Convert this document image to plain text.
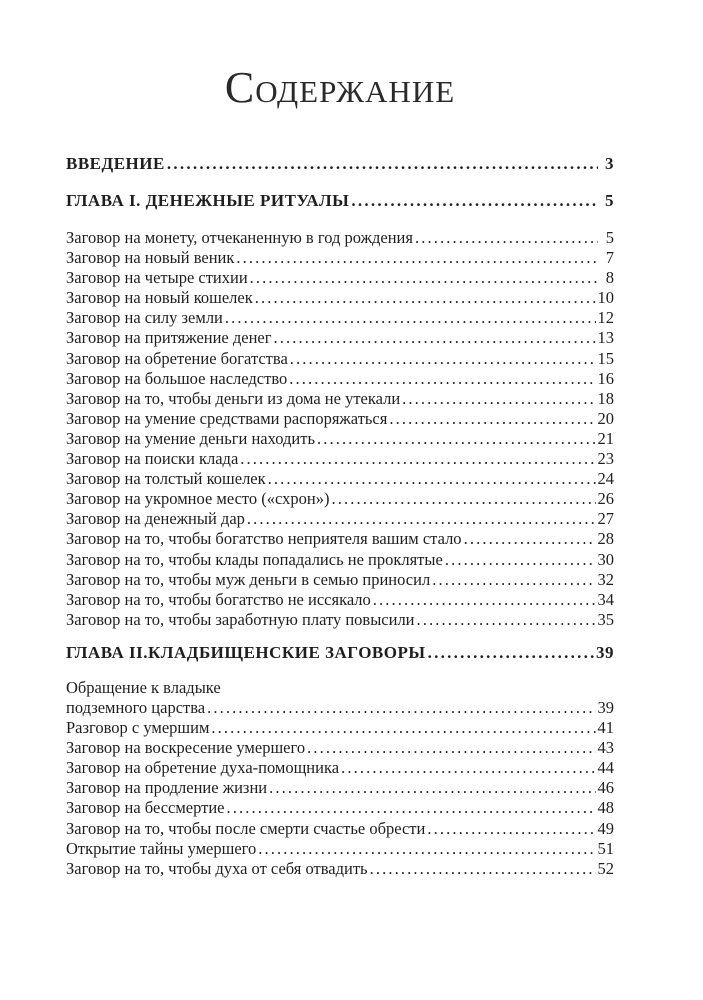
Содержание
ВВЕДЕНИЕ . . .	3
ГЛАВА I. ДЕНЕЖНЫЕ РИТУАЛЫ . . .	5
Заговор на монету, отчеканенную в год рождения . . .	5
Заговор на новый веник . . .	7
Заговор на четыре стихии . . .	8
Заговор на новый кошелек . . .	10
Заговор на силу земли . . .	12
Заговор на притяжение денег . . .	13
Заговор на обретение богатства . . .	15
Заговор на большое наследство . . .	16
Заговор на то, чтобы деньги из дома не утекали . . .	18
Заговор на умение средствами распоряжаться . . .	20
Заговор на умение деньги находить . . .	21
Заговор на поиски клада . . .	23
Заговор на толстый кошелек . . .	24
Заговор на укромное место («схрон») . . .	26
Заговор на денежный дар . . .	27
Заговор на то, чтобы богатство неприятеля вашим стало . . .	28
Заговор на то, чтобы клады попадались не проклятые . . .	30
Заговор на то, чтобы муж деньги в семью приносил . . .	32
Заговор на то, чтобы богатство не иссякало . . .	34
Заговор на то, чтобы заработную плату повысили . . .	35
ГЛАВА II.КЛАДБИЩЕНСКИЕ ЗАГОВОРЫ . . .	39
Обращение к владыке
подземного царства . . .	39
Разговор с умершим . . .	41
Заговор на воскресение умершего . . .	43
Заговор на обретение духа-помощника . . .	44
Заговор на продление жизни . . .	46
Заговор на бессмертие . . .	48
Заговор на то, чтобы после смерти счастье обрести . . .	49
Открытие тайны умершего . . .	51
Заговор на то, чтобы духа от себя отвадить . . .	52
